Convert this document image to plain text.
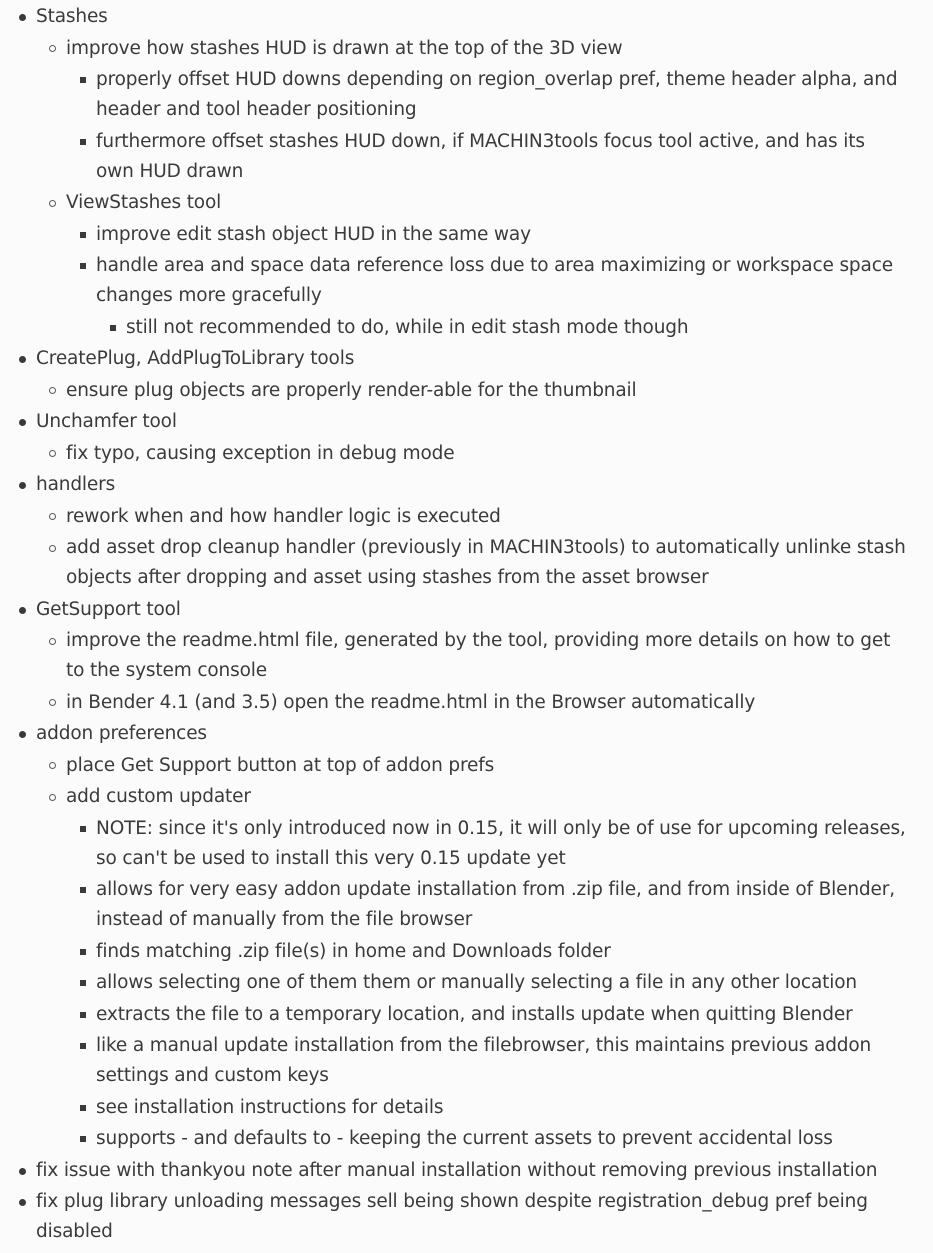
Stashes
improve how stashes HUD is drawn at the top of the 3D view
properly offset HUD downs depending on region_overlap pref, theme header alpha, and header and tool header positioning
furthermore offset stashes HUD down, if MACHIN3tools focus tool active, and has its own HUD drawn
ViewStashes tool
improve edit stash object HUD in the same way
handle area and space data reference loss due to area maximizing or workspace space changes more gracefully
still not recommended to do, while in edit stash mode though
CreatePlug, AddPlugToLibrary tools
ensure plug objects are properly render-able for the thumbnail
Unchamfer tool
fix typo, causing exception in debug mode
handlers
rework when and how handler logic is executed
add asset drop cleanup handler (previously in MACHIN3tools) to automatically unlinke stash objects after dropping and asset using stashes from the asset browser
GetSupport tool
improve the readme.html file, generated by the tool, providing more details on how to get to the system console
in Bender 4.1 (and 3.5) open the readme.html in the Browser automatically
addon preferences
place Get Support button at top of addon prefs
add custom updater
NOTE: since it's only introduced now in 0.15, it will only be of use for upcoming releases, so can't be used to install this very 0.15 update yet
allows for very easy addon update installation from .zip file, and from inside of Blender, instead of manually from the file browser
finds matching .zip file(s) in home and Downloads folder
allows selecting one of them them or manually selecting a file in any other location
extracts the file to a temporary location, and installs update when quitting Blender
like a manual update installation from the filebrowser, this maintains previous addon settings and custom keys
see installation instructions for details
supports - and defaults to - keeping the current assets to prevent accidental loss
fix issue with thankyou note after manual installation without removing previous installation
fix plug library unloading messages sell being shown despite registration_debug pref being disabled
